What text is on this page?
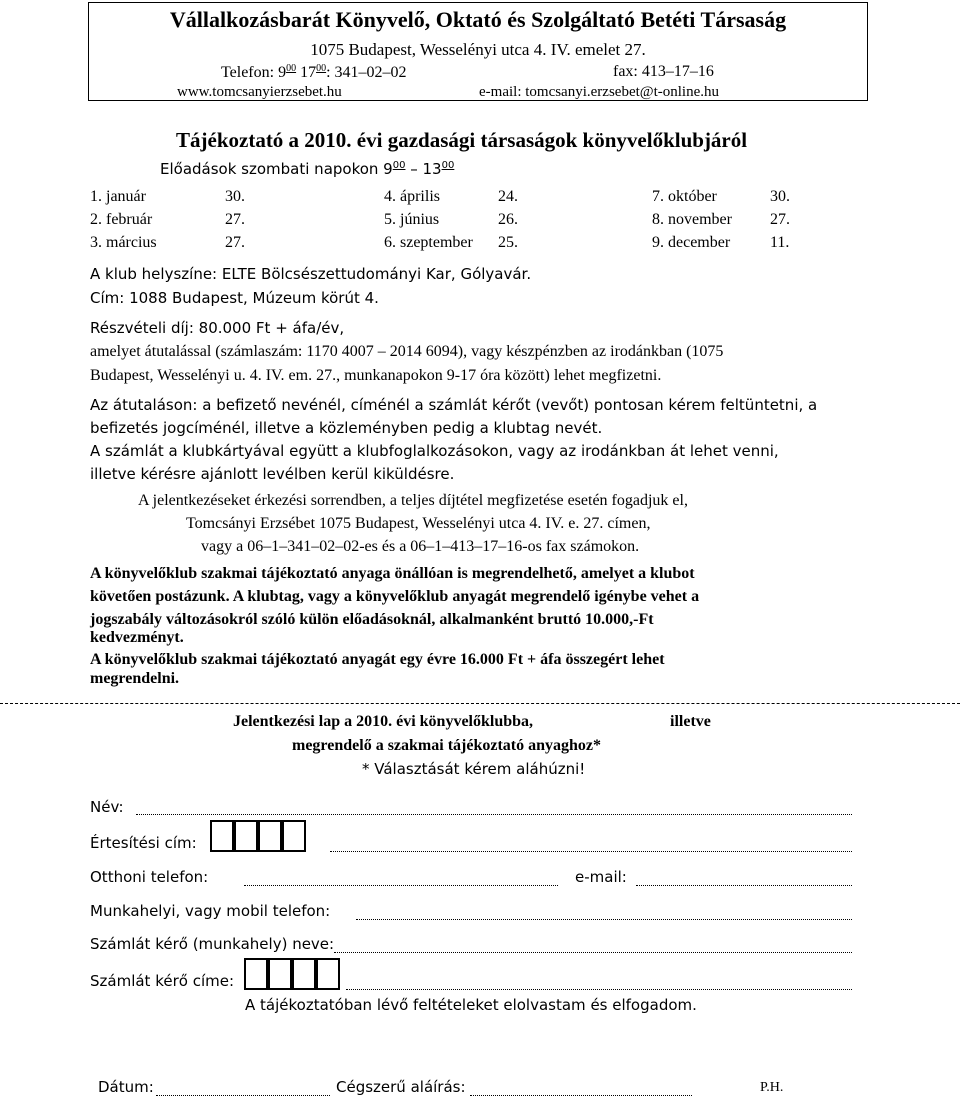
Vállalkozásbarát Könyvelő, Oktató és Szolgáltató Betéti Társaság
1075 Budapest, Wesselényi utca 4. IV. emelet 27.
Telefon: $9^{00}$ $17^{00}$: 341–02–02	fax: 413–17–16
www.tomcsanyierzsebet.hu	e-mail: tomcsanyi.erzsebet@t-online.hu
Tájékoztató a 2010. évi gazdasági társaságok könyvelőklubjáról
Előadások szombati napokon $9^{00} - 13^{00}$
1. január	30.	4. április	24.	7. október	30.
2. február	27.	5. június	26.	8. november 27.
3. március	27.	6. szeptember 25.	9. december 11.
A klub helyszíne: ELTE Bölcsészettudományi Kar, Gólyavár.
Cím: 1088 Budapest, Múzeum körút 4.
Részvételi díj: 80.000 Ft + áfa/év,
amelyet átutalással (számlaszám: 1170 4007 – 2014 6094), vagy készpénzben az irodánkban (1075
Budapest, Wesselényi u. 4. IV. em. 27., munkanapokon 9-17 óra között) lehet megfizetni.
Az átutaláson: a befizető nevénél, címénél a számlát kérőt (vevőt) pontosan kérem feltüntetni, a
befizetés jogcíménél, illetve a közleményben pedig a klubtag nevét.
A számlát a klubkártyával együtt a klubfoglalkozásokon, vagy az irodánkban át lehet venni,
illetve kérésre ajánlott levélben kerül kiküldésre.
A jelentkezéseket érkezési sorrendben, a teljes díjtétel megfizetése esetén fogadjuk el,
Tomcsányi Erzsébet 1075 Budapest, Wesselényi utca 4. IV. e. 27. címen,
vagy a 06–1–341–02–02-es és a 06–1–413–17–16-os fax számokon.
A könyvelőklub szakmai tájékoztató anyaga önállóan is megrendelhető, amelyet a klubot
követően postázunk. A klubtag, vagy a könyvelőklub anyagát megrendelő igénybe vehet a
jogszabály változásokról szóló külön előadásoknál, alkalmanként bruttó 10.000,-Ft
kedvezményt.
A könyvelőklub szakmai tájékoztató anyagát egy évre 16.000 Ft + áfa összegért lehet
megrendelni.
Jelentkezési lap a 2010. évi könyvelőklubba,	illetve
megrendelő a szakmai tájékoztató anyaghoz*
* Választását kérem aláhúzni!
Név:
Értesítési cím:
Otthoni telefon:	e-mail:
Munkahelyi, vagy mobil telefon:
Számlát kérő (munkahely) neve:
Számlát kérő címe:
A tájékoztatóban lévő feltételeket elolvastam és elfogadom.
Dátum:	Cégszerű aláírás:	P.H.
